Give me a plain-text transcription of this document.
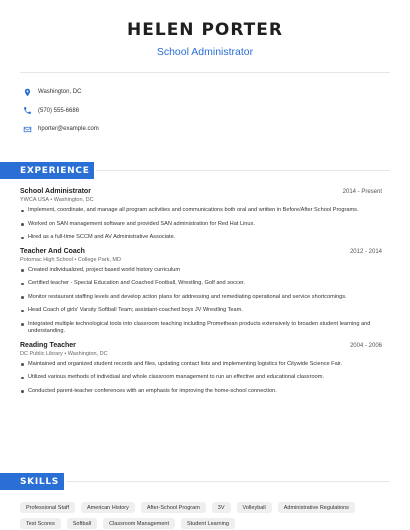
HELEN PORTER
School Administrator
Washington, DC
(570) 555-6686
hporter@example.com
EXPERIENCE
School Administrator	2014 - Present
YWCA USA • Washington, DC
Implement, coordinate, and manage all program activities and communications both oral and written in Before/After School Programs.
Worked on SAN management software and provided SAN administration for Red Hat Linux.
Hired as a full-time SCCM and AV Administrative Associate.
Teacher And Coach	2012 - 2014
Potomac High School • College Park, MD
Created individualized, project based world history curriculum
Certified teacher - Special Education and Coached Football, Wrestling, Golf and soccer.
Monitor restaurant staffing levels and develop action plans for addressing and remediating operational and service shortcomings.
Head Coach of girls' Varsity Softball Team; assistant-coached boys JV Wrestling Team.
Integrated multiple technological tools into classroom teaching including Promethean products extensively to broaden student learning and understanding.
Reading Teacher	2004 - 2006
DC Public Library • Washington, DC
Maintained and organized student records and files, updating contact lists and implementing logistics for Citywide Science Fair.
Utilized various methods of individual and whole classroom management to run an effective and educational classroom.
Conducted parent-teacher conferences with an emphasis for improving the home-school connection.
SKILLS
Professional Staff	American History	After-School Program	3V	Volleyball	Administrative Regulations
Test Scores	Softball	Classroom Management	Student Learning
